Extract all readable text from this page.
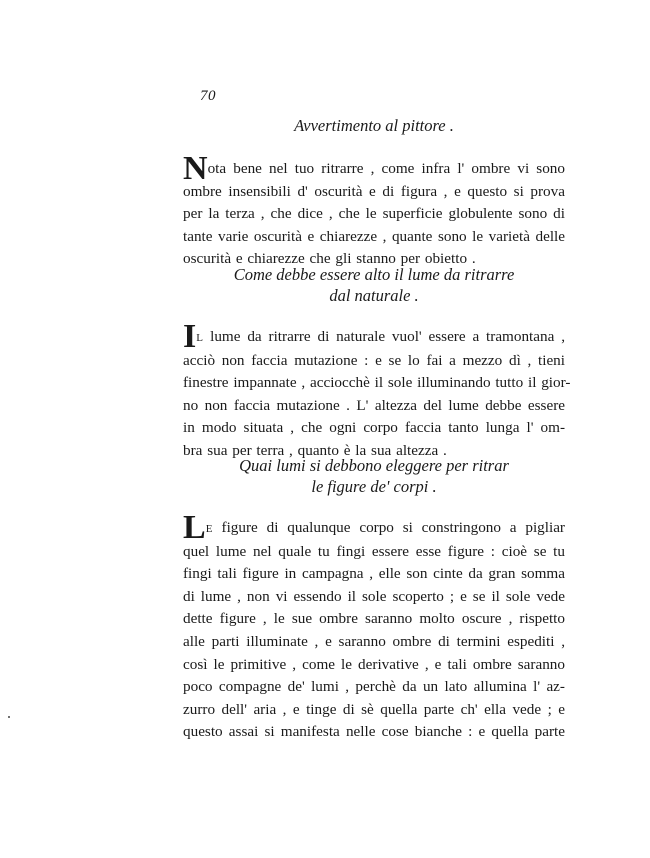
70

Avvertimento al pittore .

Nota bene nel tuo ritrarre , come infra l' ombre vi sono
ombre insensibili d' oscurità e di figura , e questo si prova
per la terza , che dice , che le superficie globulente sono di
tante varie oscurità e chiarezze , quante sono le varietà delle
oscurità e chiarezze che gli stanno per obietto .

Come debbe essere alto il lume da ritrarre
dal naturale .

IL lume da ritrarre di naturale vuol' essere a tramontana ,
acciò non faccia mutazione : e se lo fai a mezzo dì , tieni
finestre impannate , acciocchè il sole illuminando tutto il gior-
no non faccia mutazione . L' altezza del lume debbe essere
in modo situata , che ogni corpo faccia tanto lunga l' om-
bra sua per terra , quanto è la sua altezza .

Quai lumi si debbono eleggere per ritrar
le figure de' corpi .

LE figure di qualunque corpo si constringono a pigliar
quel lume nel quale tu fingi essere esse figure : cioè se tu
fingi tali figure in campagna , elle son cinte da gran somma
di lume , non vi essendo il sole scoperto ; e se il sole vede
dette figure , le sue ombre saranno molto oscure , rispetto
alle parti illuminate , e saranno ombre di termini espediti ,
così le primitive , come le derivative , e tali ombre saranno
poco compagne de' lumi , perchè da un lato allumina l' az-
zurro dell' aria , e tinge di sè quella parte ch' ella vede ; e
questo assai si manifesta nelle cose bianche : e quella parte
